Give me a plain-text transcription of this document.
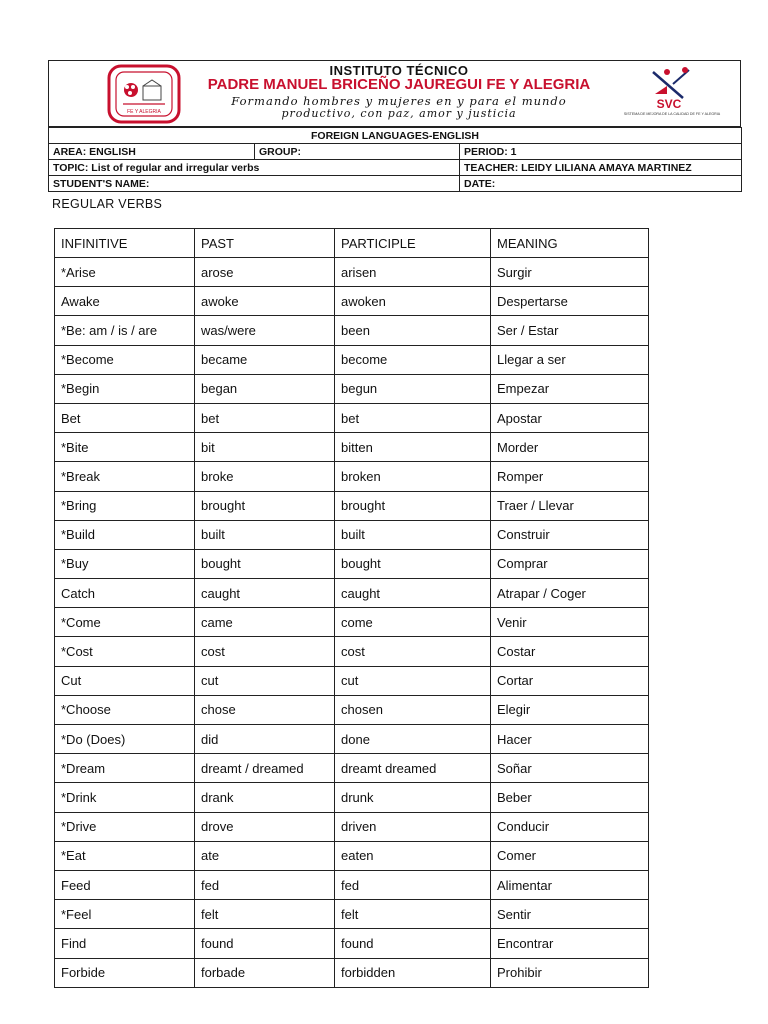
FE Y ALEGRIA
INSTITUTO TÉCNICO
PADRE MANUEL BRICEÑO JAUREGUI FE Y ALEGRIA
Formando hombres y mujeres en y para el mundo
productivo, con paz, amor y justicia
SVC
SISTEMA DE MEJORA DE LA CALIDAD DE FE Y ALEGRIA
FOREIGN LANGUAGES-ENGLISH		
AREA: ENGLISH	GROUP:	PERIOD: 1
TOPIC: List of regular and irregular verbs		TEACHER: LEIDY LILIANA AMAYA MARTINEZ
STUDENT'S NAME:		DATE:
REGULAR VERBS
INFINITIVE	PAST	PARTICIPLE	MEANING
*Arise	arose	arisen	Surgir
Awake	awoke	awoken	Despertarse
*Be: am / is / are	was/were	been	Ser / Estar
*Become	became	become	Llegar a ser
*Begin	began	begun	Empezar
Bet	bet	bet	Apostar
*Bite	bit	bitten	Morder
*Break	broke	broken	Romper
*Bring	brought	brought	Traer / Llevar
*Build	built	built	Construir
*Buy	bought	bought	Comprar
Catch	caught	caught	Atrapar / Coger
*Come	came	come	Venir
*Cost	cost	cost	Costar
Cut	cut	cut	Cortar
*Choose	chose	chosen	Elegir
*Do (Does)	did	done	Hacer
*Dream	dreamt / dreamed	dreamt dreamed	Soñar
*Drink	drank	drunk	Beber
*Drive	drove	driven	Conducir
*Eat	ate	eaten	Comer
Feed	fed	fed	Alimentar
*Feel	felt	felt	Sentir
Find	found	found	Encontrar
Forbide	forbade	forbidden	Prohibir
